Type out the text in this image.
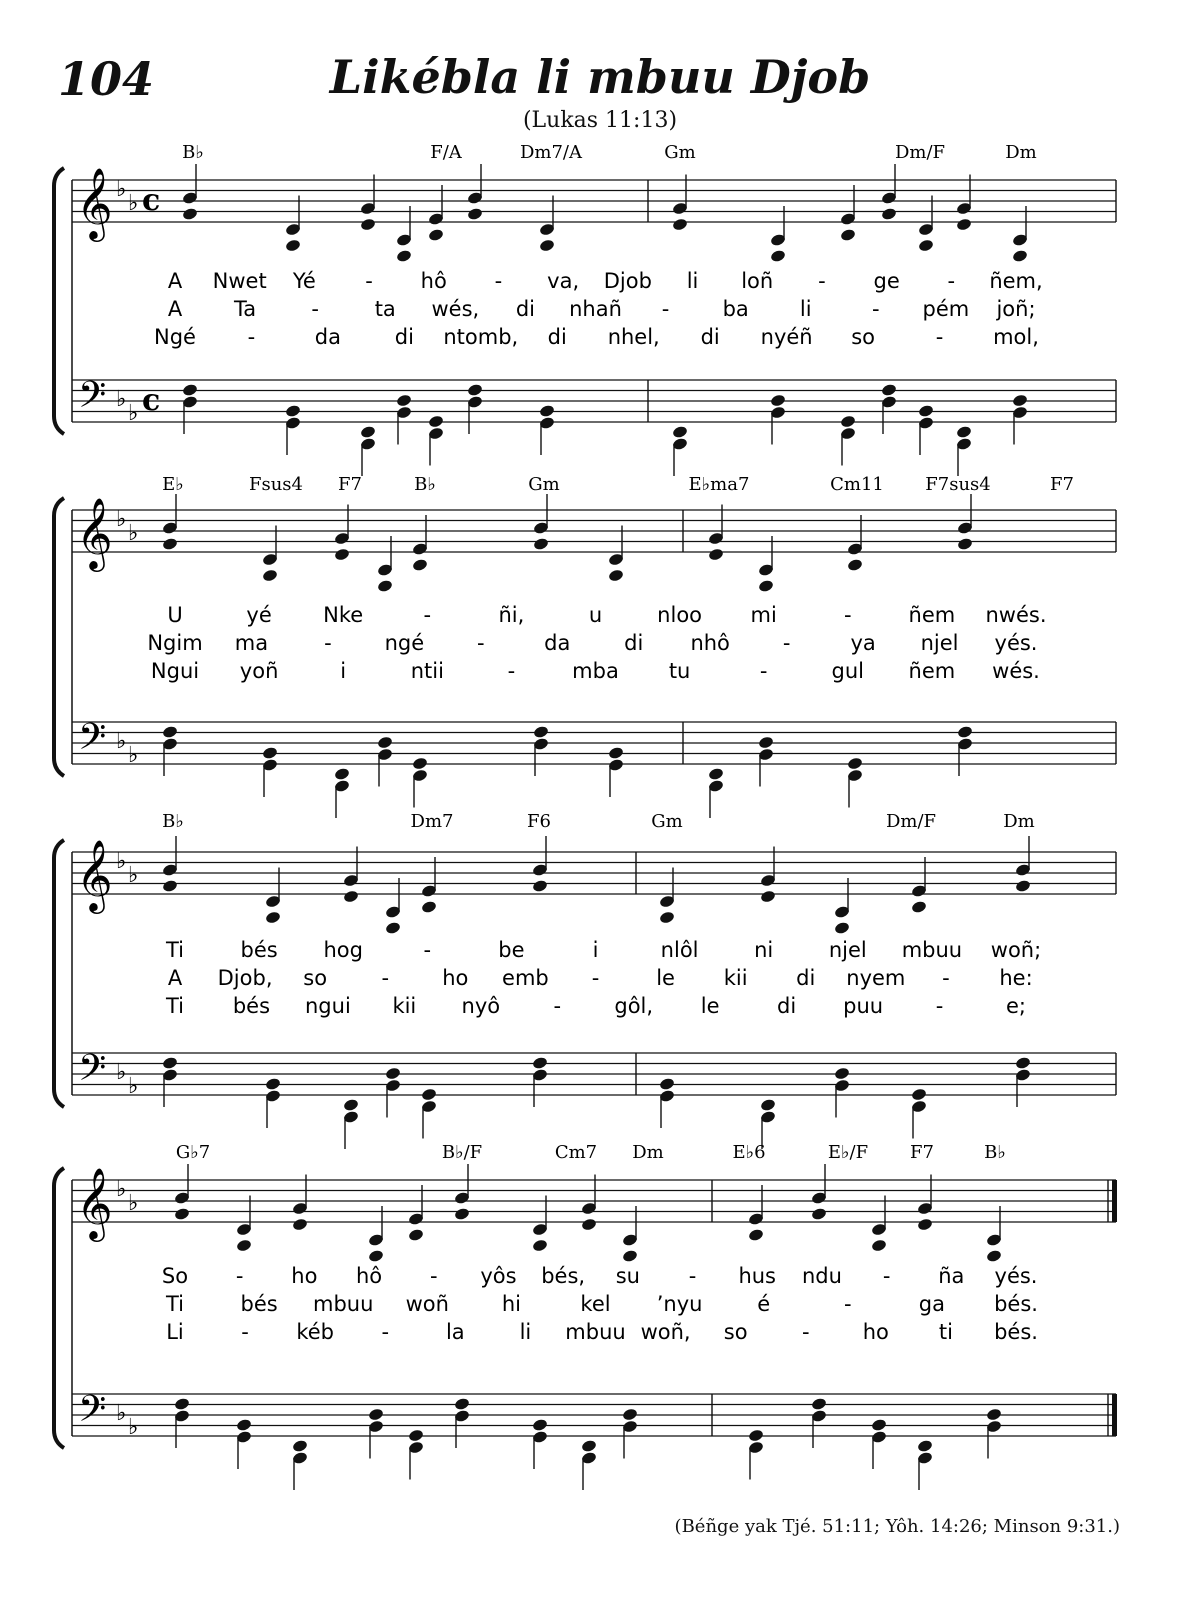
104	Likébla li mbuu Djob
(Lukas 11:13)
𝄞
𝄢
♭
♭
♭
♭
c
c
B♭	F/A	Dm7/A	Gm	Dm/F	Dm
A Nwet Yé - hô - va, Djob li loñ - ge - ñem,
A Ta	-	ta wés, di nhañ -	ba li	- pém joñ;
Ngé -	da	di ntomb, di nhel, di nyéñ so	- mol,
𝄞
𝄢
♭
♭
♭
♭
E♭	Fsus4 F7	B♭	Gm	E♭ma7	Cm11 F7sus4	F7
U	yé Nke	-	ñi,	u	nloo mi	-	ñem nwés.
Ngim ma	-	ngé	-	da	di nhô	-	ya njel yés.
Ngui yoñ	i	ntii	-	mba tu	-	gul ñem wés.
𝄞
𝄢
♭
♭
♭
♭
B♭	Dm7	F6	Gm	Dm/F	Dm
Ti	bés hog	-	be	i	nlôl	ni	njel mbuu woñ;
A Djob, so	-	ho emb -	le kii di nyem - he:
Ti bés ngui kii nyô	-	gôl, le	di puu	-	e;
𝄞
𝄢
♭
♭
♭
♭
G♭7	B♭/F	Cm7 Dm	E♭6	E♭/F F7	B♭
So - ho hô - yôs bés, su - hus ndu - ña yés.
Ti	bés mbuu woñ	hi	kel ’nyu	é	-	ga bés.
Li	- kéb -	la	li mbuu woñ, so	-	ho ti bés.
(Béñge yak Tjé. 51:11; Yôh. 14:26; Minson 9:31.)
